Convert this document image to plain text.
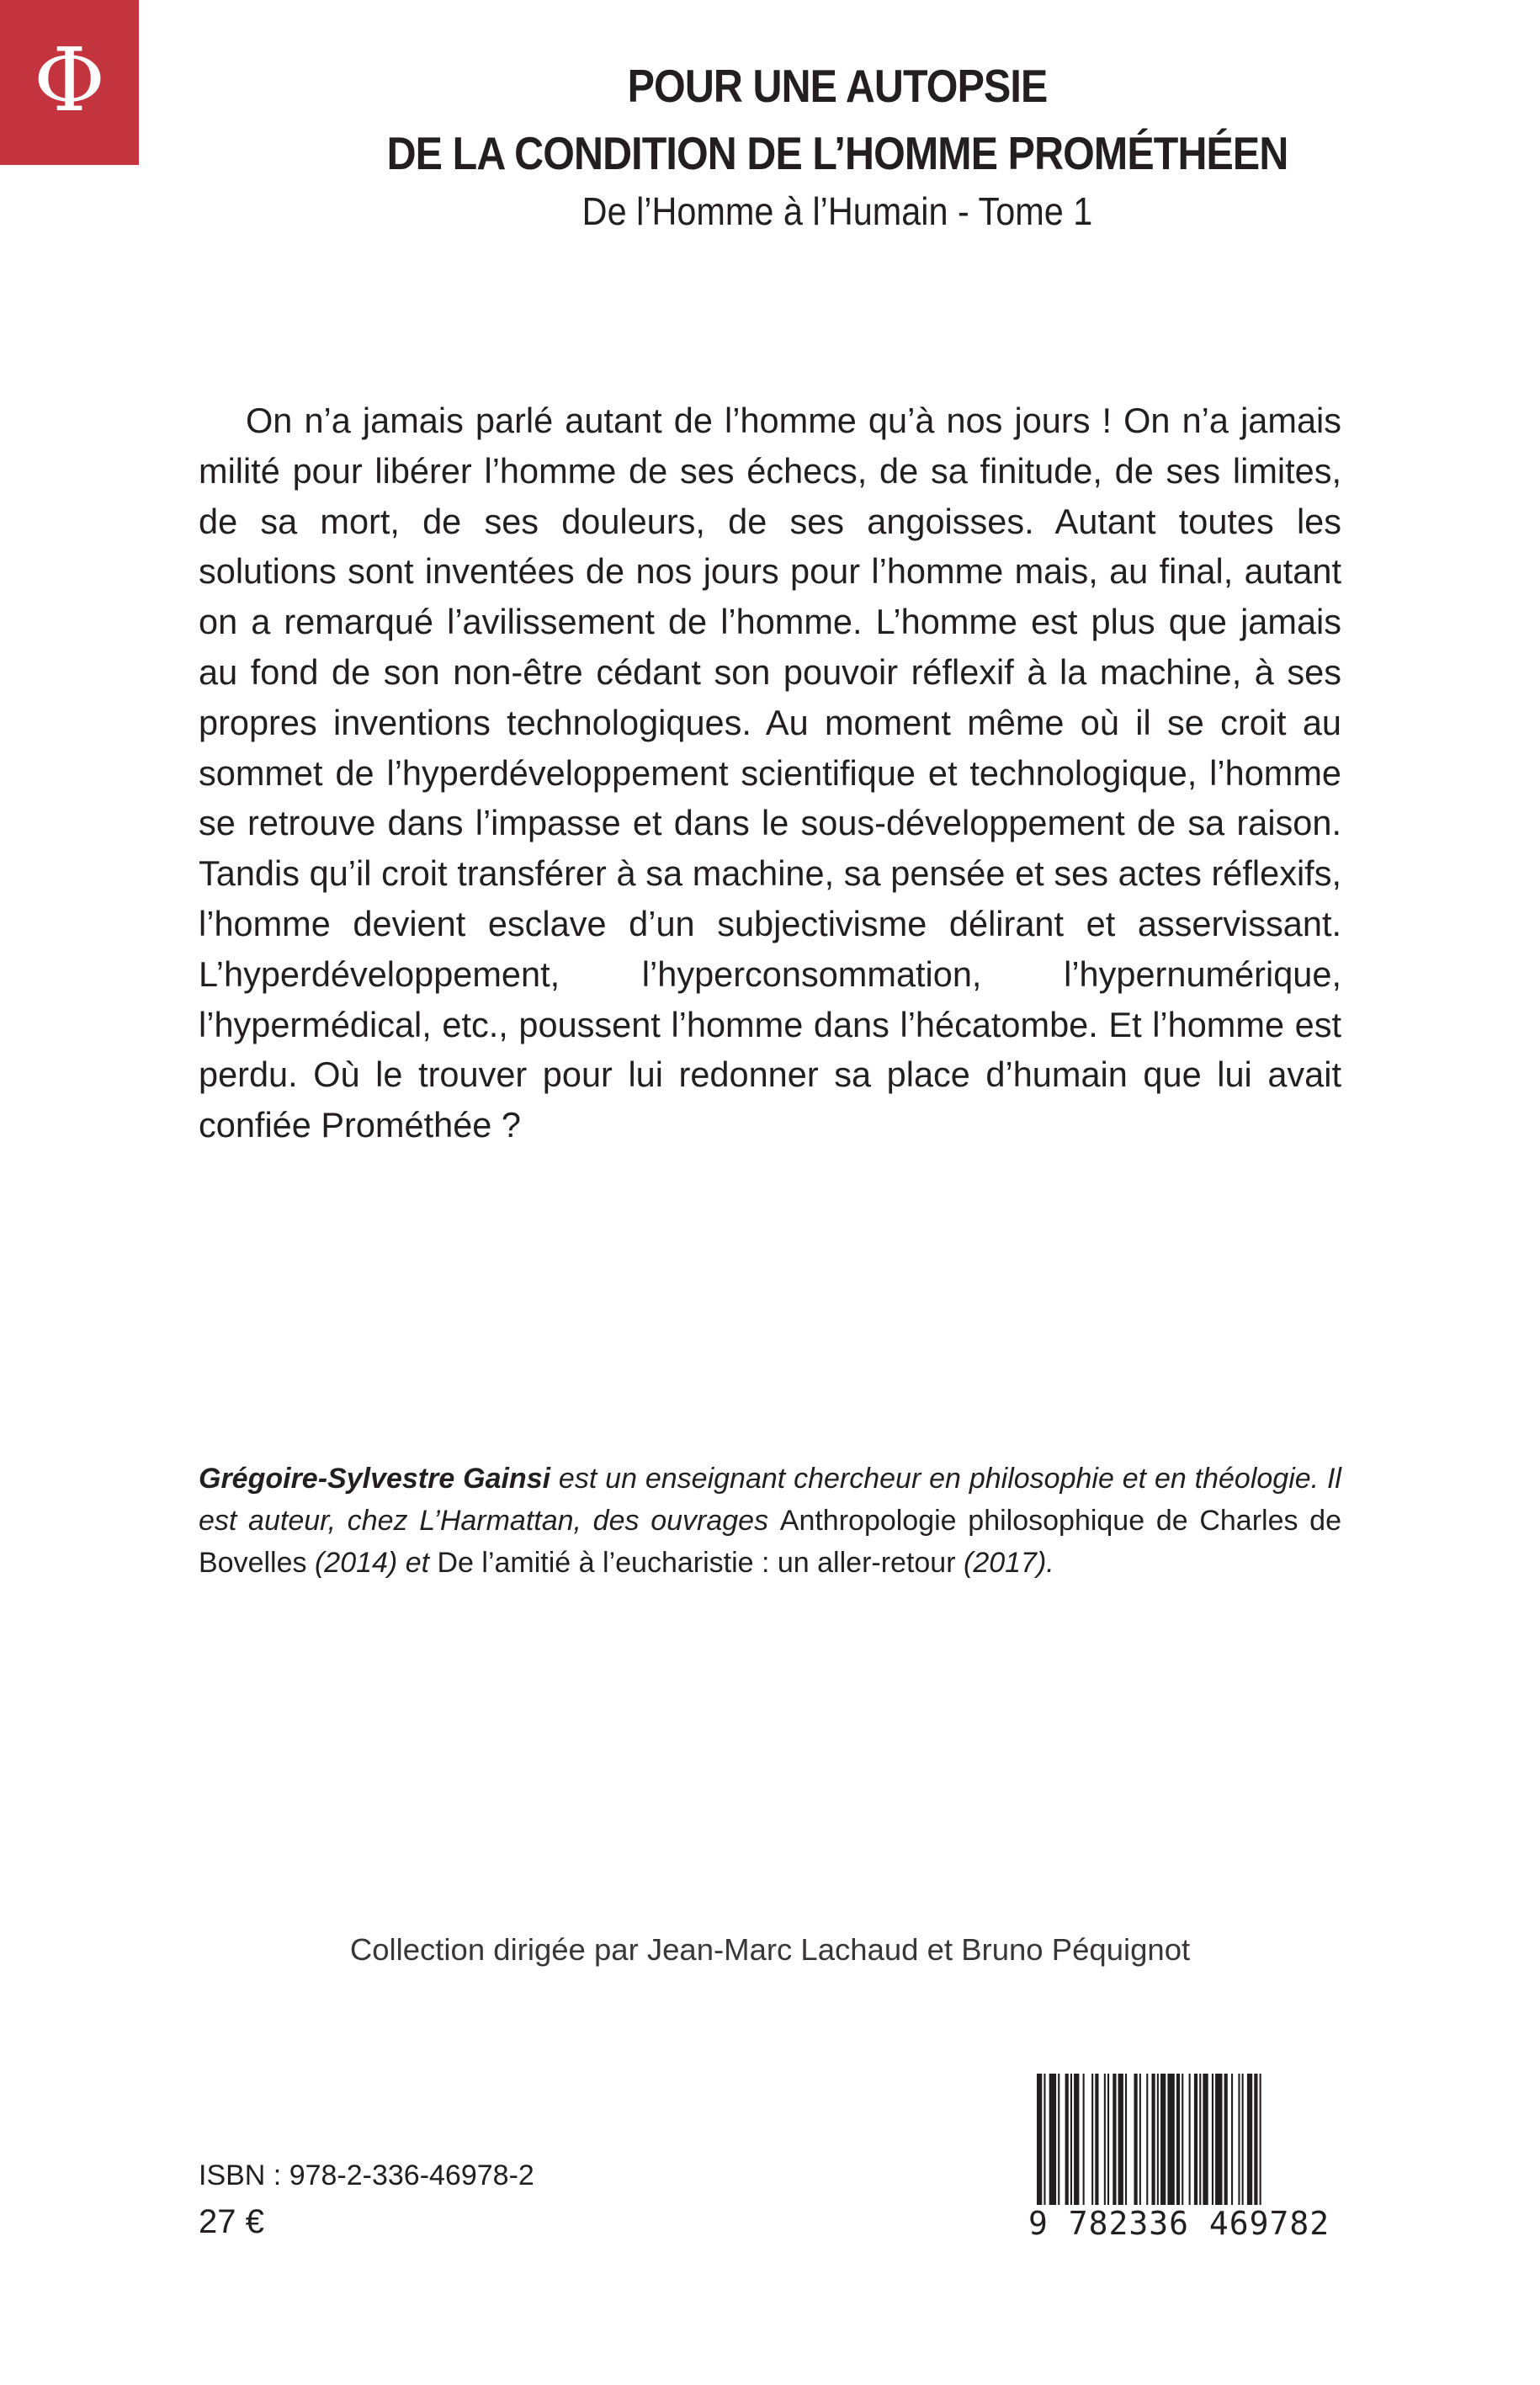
Φ	POUR UNE AUTOPSIE
DE LA CONDITION DE L’HOMME PROMÉTHÉEN
De l’Homme à l’Humain - Tome 1

On n’a jamais parlé autant de l’homme qu’à nos jours ! On n’a jamais milité pour libérer l’homme de ses échecs, de sa finitude, de ses limites, de sa mort, de ses douleurs, de ses angoisses. Autant toutes les solutions sont inventées de nos jours pour l’homme mais, au final, autant on a remarqué l’avilissement de l’homme. L’homme est plus que jamais au fond de son non-être cédant son pouvoir réflexif à la machine, à ses propres inventions technologiques. Au moment même où il se croit au sommet de l’hyperdéveloppement scientifique et technologique, l’homme se retrouve dans l’impasse et dans le sous-développement de sa raison. Tandis qu’il croit transférer à sa machine, sa pensée et ses actes réflexifs, l’homme devient esclave d’un subjectivisme délirant et asservissant. L’hyperdéveloppement, l’hyperconsommation, l’hypernumérique, l’hypermédical, etc., poussent l’homme dans l’hécatombe. Et l’homme est perdu. Où le trouver pour lui redonner sa place d’humain que lui avait confiée Prométhée ?

Grégoire-Sylvestre Gainsi est un enseignant chercheur en philosophie et en théologie. Il est auteur, chez L’Harmattan, des ouvrages Anthropologie philosophique de Charles de Bovelles (2014) et De l’amitié à l’eucharistie : un aller-retour (2017).

Collection dirigée par Jean-Marc Lachaud et Bruno Péquignot
ISBN : 978-2-336-46978-2
27 €	9 782336 469782
